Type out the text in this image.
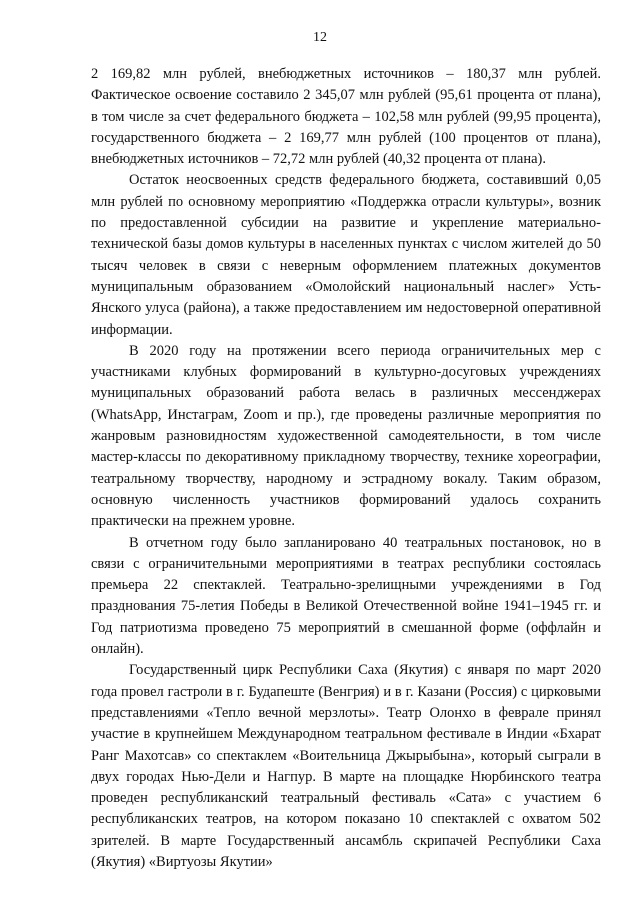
12

2 169,82 млн рублей, внебюджетных источников – 180,37 млн рублей. Фактическое освоение составило 2 345,07 млн рублей (95,61 процента от плана), в том числе за счет федерального бюджета – 102,58 млн рублей (99,95 процента), государственного бюджета – 2 169,77 млн рублей (100 процентов от плана), внебюджетных источников – 72,72 млн рублей (40,32 процента от плана).

Остаток неосвоенных средств федерального бюджета, составивший 0,05 млн рублей по основному мероприятию «Поддержка отрасли культуры», возник по предоставленной субсидии на развитие и укрепление материально-технической базы домов культуры в населенных пунктах с числом жителей до 50 тысяч человек в связи с неверным оформлением платежных документов муниципальным образованием «Омолойский национальный наслег» Усть-Янского улуса (района), а также предоставлением им недостоверной оперативной информации.

В 2020 году на протяжении всего периода ограничительных мер с участниками клубных формирований в культурно-досуговых учреждениях муниципальных образований работа велась в различных мессенджерах (WhatsApp, Инстаграм, Zoom и пр.), где проведены различные мероприятия по жанровым разновидностям художественной самодеятельности, в том числе мастер-классы по декоративному прикладному творчеству, технике хореографии, театральному творчеству, народному и эстрадному вокалу. Таким образом, основную численность участников формирований удалось сохранить практически на прежнем уровне.

В отчетном году было запланировано 40 театральных постановок, но в связи с ограничительными мероприятиями в театрах республики состоялась премьера 22 спектаклей. Театрально-зрелищными учреждениями в Год празднования 75-летия Победы в Великой Отечественной войне 1941–1945 гг. и Год патриотизма проведено 75 мероприятий в смешанной форме (оффлайн и онлайн).

Государственный цирк Республики Саха (Якутия) с января по март 2020 года провел гастроли в г. Будапеште (Венгрия) и в г. Казани (Россия) с цирковыми представлениями «Тепло вечной мерзлоты». Театр Олонхо в феврале принял участие в крупнейшем Международном театральном фестивале в Индии «Бхарат Ранг Махотсав» со спектаклем «Воительница Джырыбына», который сыграли в двух городах Нью-Дели и Нагпур. В марте на площадке Нюрбинского театра проведен республиканский театральный фестиваль «Сата» с участием 6 республиканских театров, на котором показано 10 спектаклей с охватом 502 зрителей. В марте Государственный ансамбль скрипачей Республики Саха (Якутия) «Виртуозы Якутии»
